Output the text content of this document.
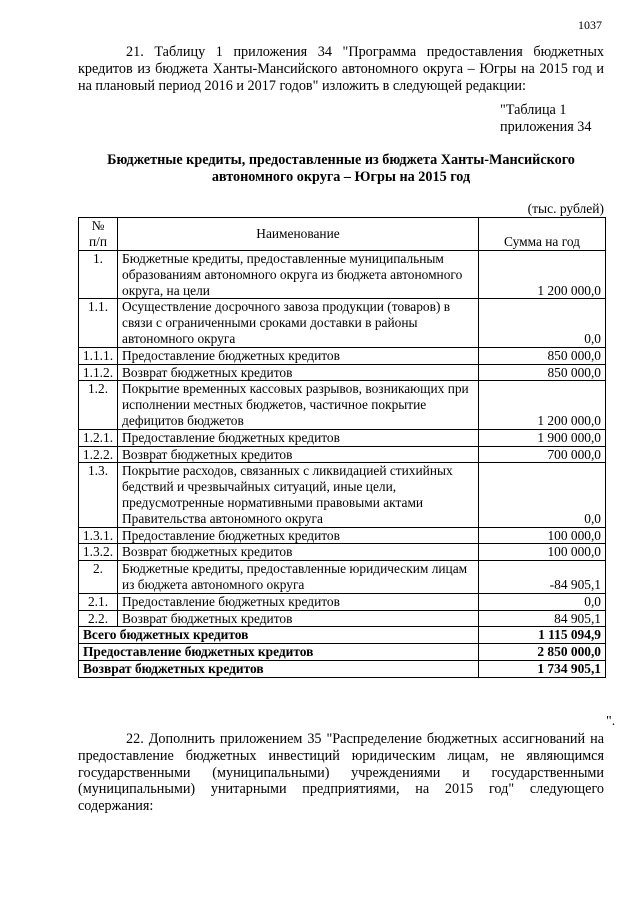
1037

21. Таблицу 1 приложения 34 "Программа предоставления бюджетных кредитов из бюджета Ханты-Мансийского автономного округа – Югры на 2015 год и на плановый период 2016 и 2017 годов" изложить в следующей редакции:

"Таблица 1
приложения 34
Бюджетные кредиты, предоставленные из бюджета Ханты-Мансийского автономного округа – Югры на 2015 год
(тыс. рублей)
№
п/п	Наименование	Сумма на год
1.	Бюджетные кредиты, предоставленные муниципальным образованиям автономного округа из бюджета автономного округа, на цели	1 200 000,0
1.1.	Осуществление досрочного завоза продукции (товаров) в связи с ограниченными сроками доставки в районы автономного округа	0,0
1.1.1.	Предоставление бюджетных кредитов	850 000,0
1.1.2.	Возврат бюджетных кредитов	850 000,0
1.2.	Покрытие временных кассовых разрывов, возникающих при исполнении местных бюджетов, частичное покрытие дефицитов бюджетов	1 200 000,0
1.2.1.	Предоставление бюджетных кредитов	1 900 000,0
1.2.2.	Возврат бюджетных кредитов	700 000,0
1.3.	Покрытие расходов, связанных с ликвидацией стихийных бедствий и чрезвычайных ситуаций, иные цели, предусмотренные нормативными правовыми актами Правительства автономного округа	0,0
1.3.1.	Предоставление бюджетных кредитов	100 000,0
1.3.2.	Возврат бюджетных кредитов	100 000,0
2.	Бюджетные кредиты, предоставленные юридическим лицам из бюджета автономного округа	-84 905,1
2.1.	Предоставление бюджетных кредитов	0,0
2.2.	Возврат бюджетных кредитов	84 905,1
Всего бюджетных кредитов		1 115 094,9
Предоставление бюджетных кредитов		2 850 000,0
Возврат бюджетных кредитов		1 734 905,1
".

22. Дополнить приложением 35 "Распределение бюджетных ассигнований на предоставление бюджетных инвестиций юридическим лицам, не являющимся государственными (муниципальными) учреждениями и государственными (муниципальными) унитарными предприятиями, на 2015 год" следующего содержания:
